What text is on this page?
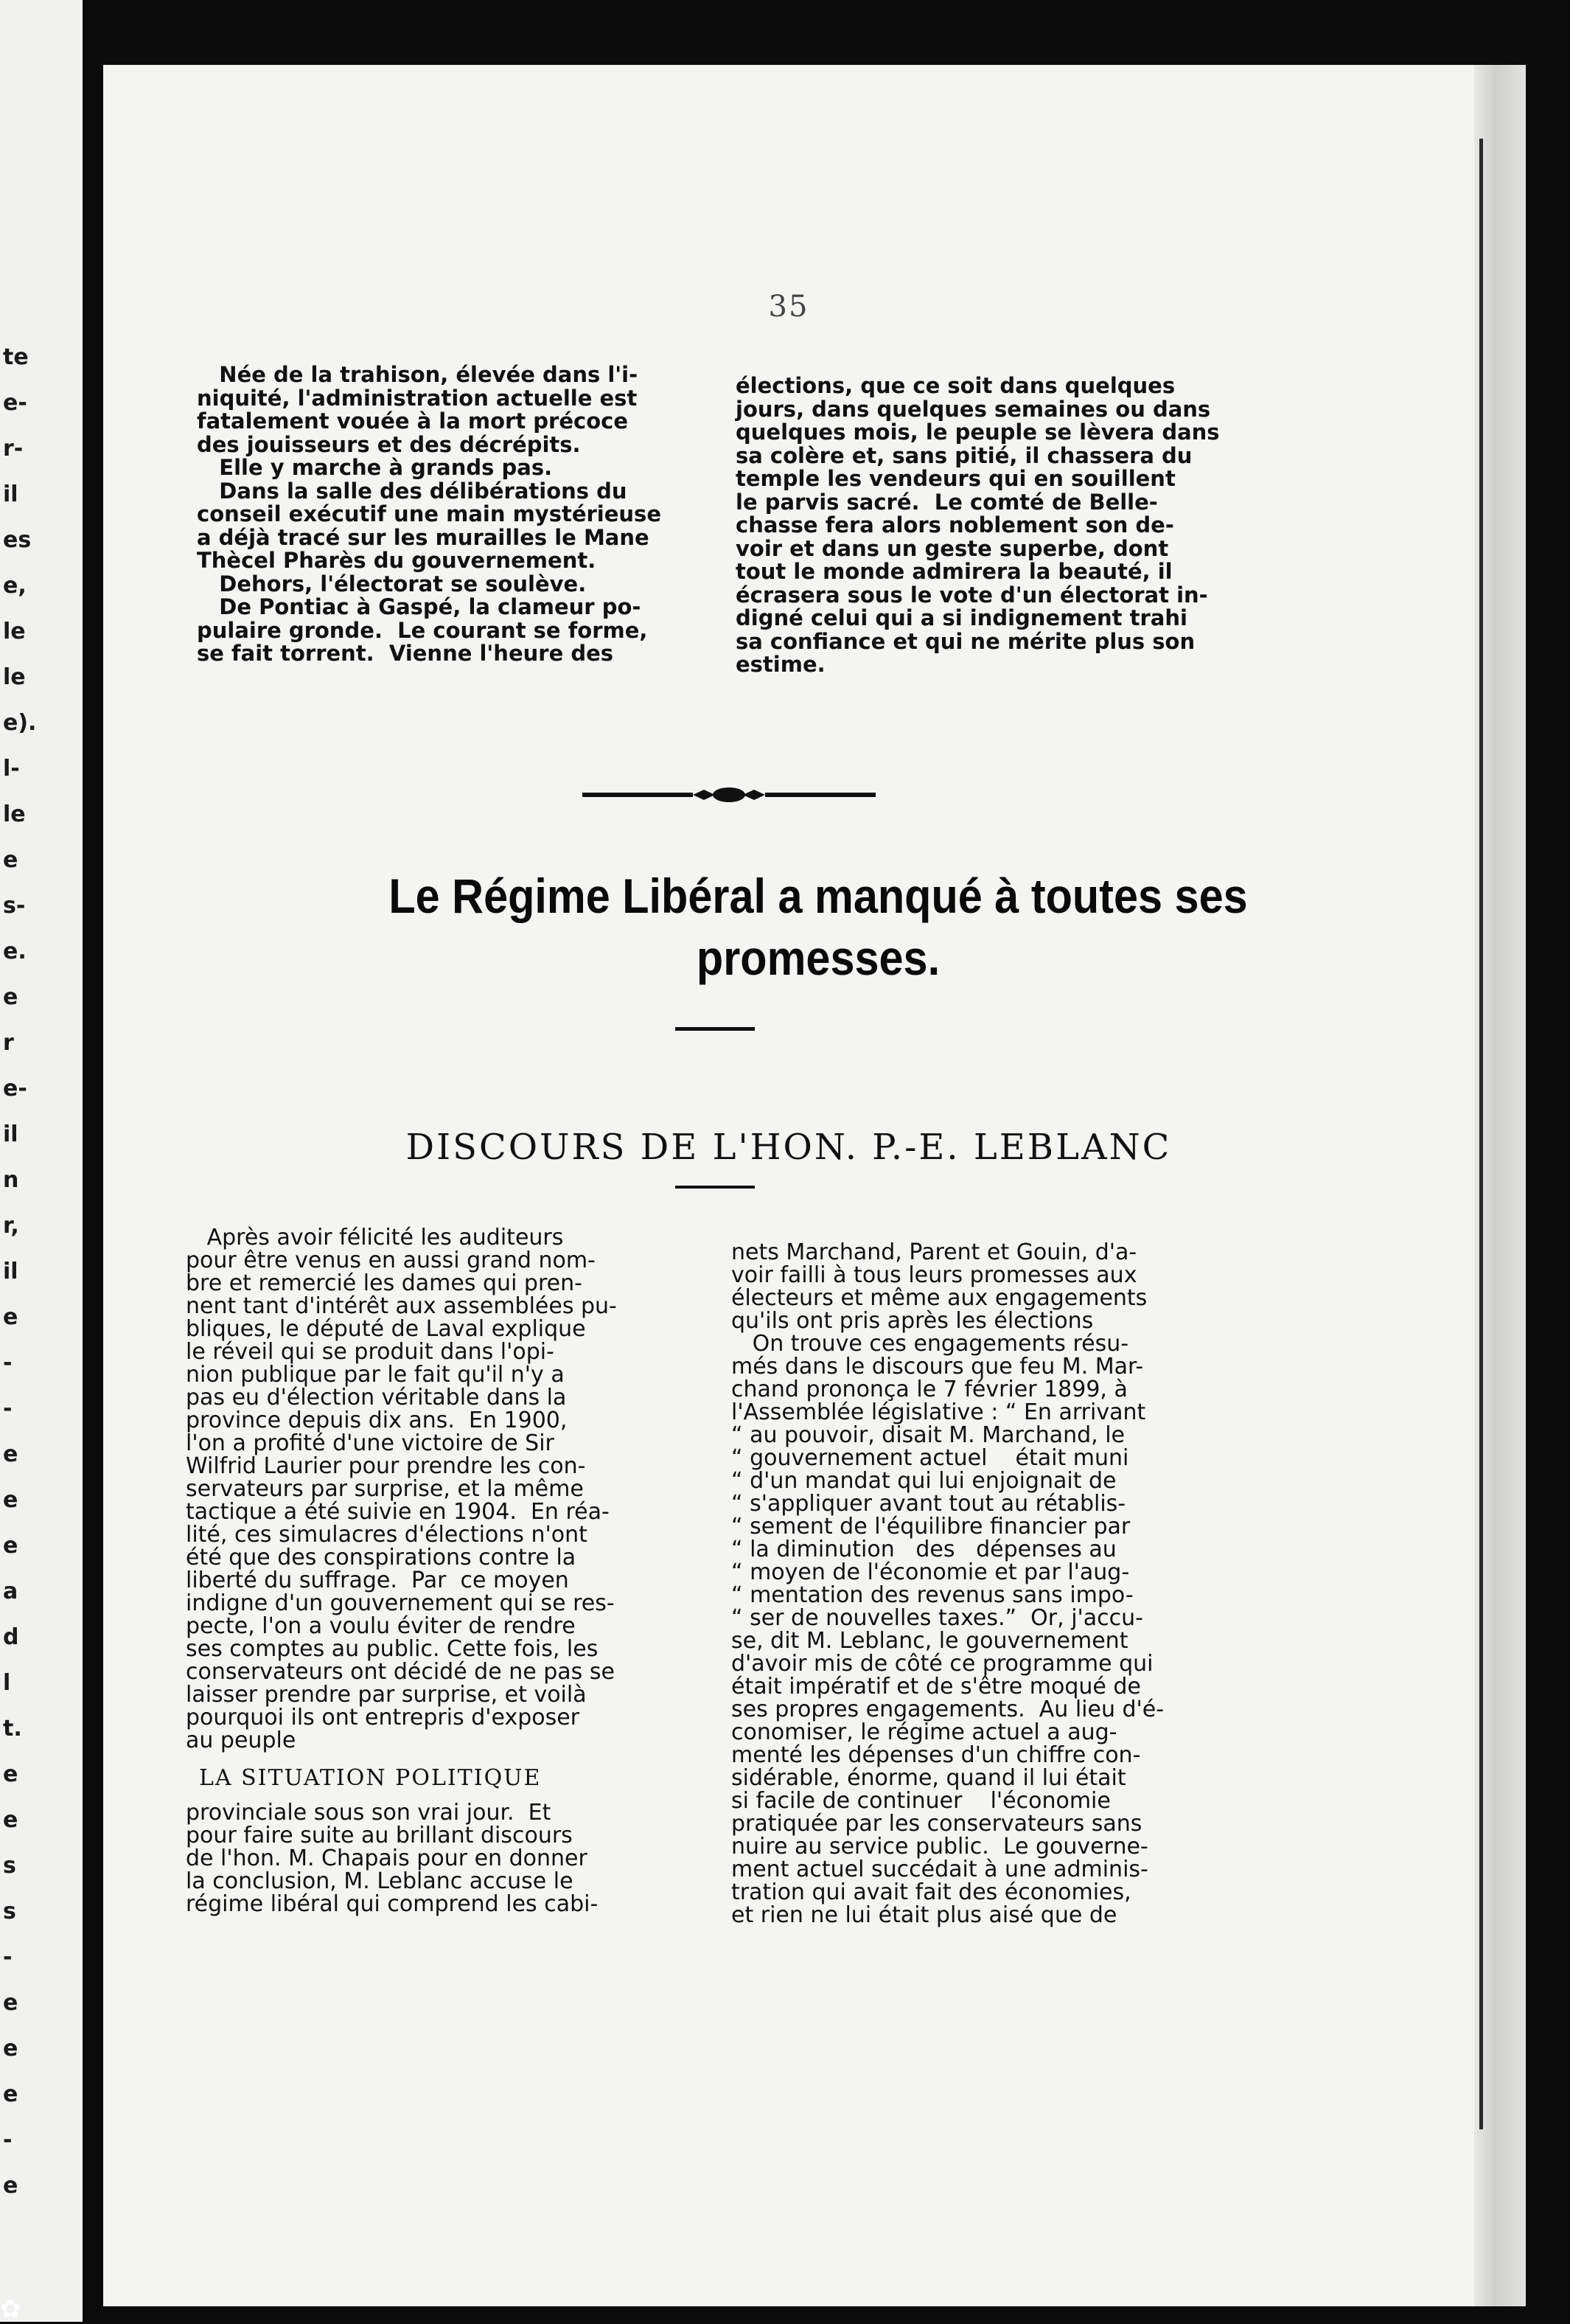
te
e-
r-
il
es
e,
le
le
e).
l-
le
e
s-
e.
e
r
e-
il
n
r,
il
e
-
-
e
e
e
a
d
l
t.
e
e
s
s
-
e
e
e
-
e
35

Née de la trahison, élevée dans l'i-

niquité, l'administration actuelle est

fatalement vouée à la mort précoce

des jouisseurs et des décrépits.

Elle y marche à grands pas.

Dans la salle des délibérations du

conseil exécutif une main mystérieuse

a déjà tracé sur les murailles le Mane

Thècel Pharès du gouvernement.

Dehors, l'électorat se soulève.

De Pontiac à Gaspé, la clameur po-

pulaire gronde.  Le courant se forme,

se fait torrent.  Vienne l'heure des

élections, que ce soit dans quelques

jours, dans quelques semaines ou dans

quelques mois, le peuple se lèvera dans

sa colère et, sans pitié, il chassera du

temple les vendeurs qui en souillent

le parvis sacré.  Le comté de Belle-

chasse fera alors noblement son de-

voir et dans un geste superbe, dont

tout le monde admirera la beauté, il

écrasera sous le vote d'un électorat in-

digné celui qui a si indignement trahi

sa confiance et qui ne mérite plus son

estime.

Le Régime Libéral a manqué à toutes ses
promesses.
DISCOURS DE L'HON. P.-E. LEBLANC

Après avoir félicité les auditeurs

pour être venus en aussi grand nom-

bre et remercié les dames qui pren-

nent tant d'intérêt aux assemblées pu-

bliques, le député de Laval explique

le réveil qui se produit dans l'opi-

nion publique par le fait qu'il n'y a

pas eu d'élection véritable dans la

province depuis dix ans.  En 1900,

l'on a profité d'une victoire de Sir

Wilfrid Laurier pour prendre les con-

servateurs par surprise, et la même

tactique a été suivie en 1904.  En réa-

lité, ces simulacres d'élections n'ont

été que des conspirations contre la

liberté du suffrage.  Par  ce moyen

indigne d'un gouvernement qui se res-

pecte, l'on a voulu éviter de rendre

ses comptes au public. Cette fois, les

conservateurs ont décidé de ne pas se

laisser prendre par surprise, et voilà

pourquoi ils ont entrepris d'exposer

au peuple

LA SITUATION POLITIQUE

provinciale sous son vrai jour.  Et

pour faire suite au brillant discours

de l'hon. M. Chapais pour en donner

la conclusion, M. Leblanc accuse le

régime libéral qui comprend les cabi-

nets Marchand, Parent et Gouin, d'a-

voir failli à tous leurs promesses aux

électeurs et même aux engagements

qu'ils ont pris après les élections

On trouve ces engagements résu-

més dans le discours que feu M. Mar-

chand prononça le 7 février 1899, à

l'Assemblée législative : “ En arrivant

“ au pouvoir, disait M. Marchand, le

“ gouvernement actuel    était muni

“ d'un mandat qui lui enjoignait de

“ s'appliquer avant tout au rétablis-

“ sement de l'équilibre financier par

“ la diminution   des   dépenses au

“ moyen de l'économie et par l'aug-

“ mentation des revenus sans impo-

“ ser de nouvelles taxes.”  Or, j'accu-

se, dit M. Leblanc, le gouvernement

d'avoir mis de côté ce programme qui

était impératif et de s'être moqué de

ses propres engagements.  Au lieu d'é-

conomiser, le régime actuel a aug-

menté les dépenses d'un chiffre con-

sidérable, énorme, quand il lui était

si facile de continuer    l'économie

pratiquée par les conservateurs sans

nuire au service public.  Le gouverne-

ment actuel succédait à une adminis-

tration qui avait fait des économies,

et rien ne lui était plus aisé que de

✿
